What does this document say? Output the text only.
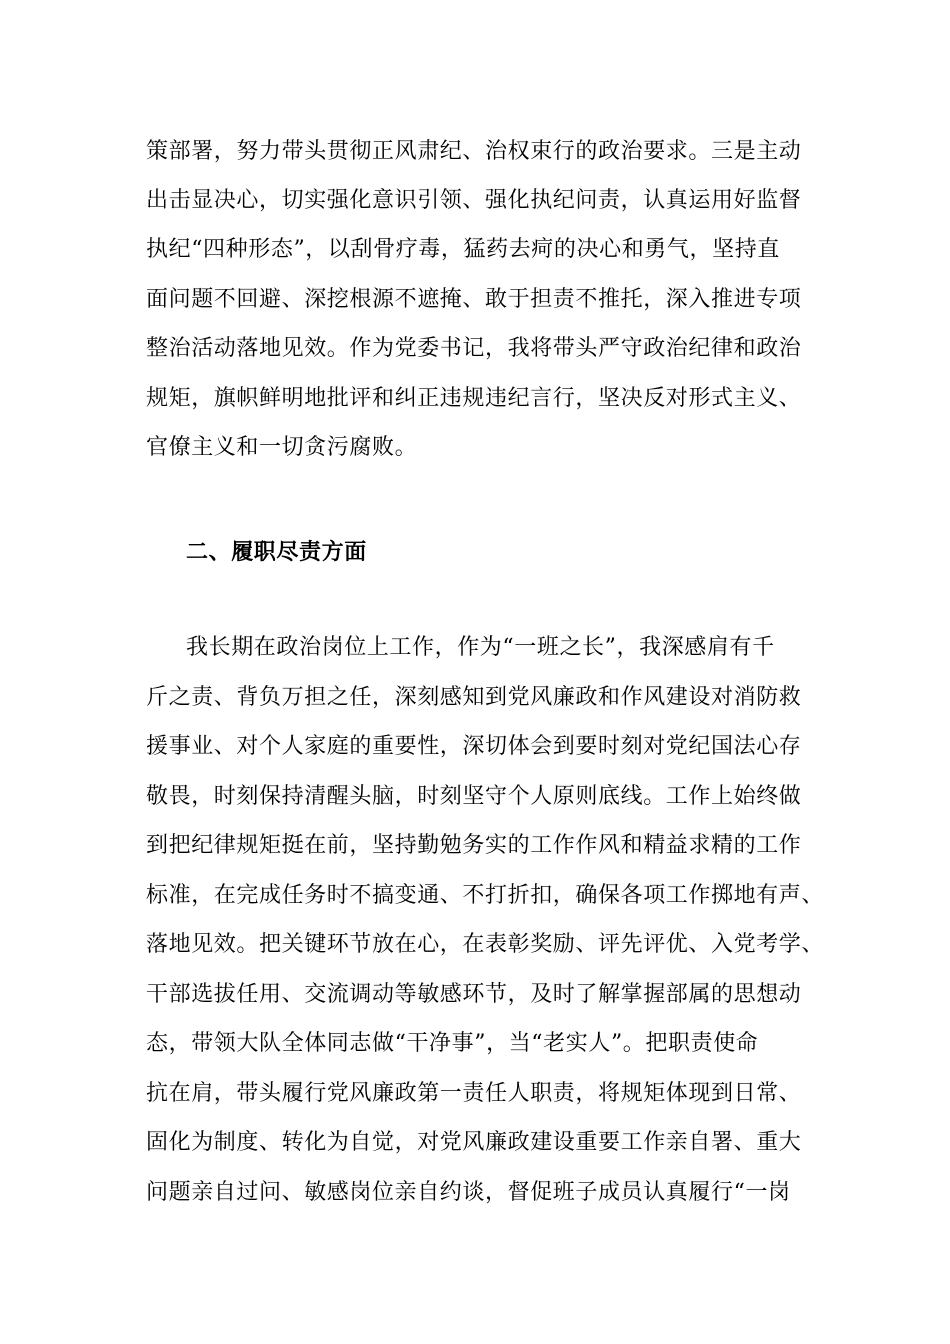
策部署，努力带头贯彻正风肃纪、治权束行的政治要求。三是主动
出击显决心，切实强化意识引领、强化执纪问责，认真运用好监督
执纪“四种形态”，以刮骨疗毒，猛药去疴的决心和勇气，坚持直
面问题不回避、深挖根源不遮掩、敢于担责不推托，深入推进专项
整治活动落地见效。作为党委书记，我将带头严守政治纪律和政治
规矩，旗帜鲜明地批评和纠正违规违纪言行，坚决反对形式主义、
官僚主义和一切贪污腐败。
二、履职尽责方面
我长期在政治岗位上工作，作为“一班之长”，我深感肩有千
斤之责、背负万担之任，深刻感知到党风廉政和作风建设对消防救
援事业、对个人家庭的重要性，深切体会到要时刻对党纪国法心存
敬畏，时刻保持清醒头脑，时刻坚守个人原则底线。工作上始终做
到把纪律规矩挺在前，坚持勤勉务实的工作作风和精益求精的工作
标准，在完成任务时不搞变通、不打折扣，确保各项工作掷地有声、
落地见效。把关键环节放在心，在表彰奖励、评先评优、入党考学、
干部选拔任用、交流调动等敏感环节，及时了解掌握部属的思想动
态，带领大队全体同志做“干净事”，当“老实人”。把职责使命
抗在肩，带头履行党风廉政第一责任人职责，将规矩体现到日常、
固化为制度、转化为自觉，对党风廉政建设重要工作亲自署、重大
问题亲自过问、敏感岗位亲自约谈，督促班子成员认真履行“一岗
